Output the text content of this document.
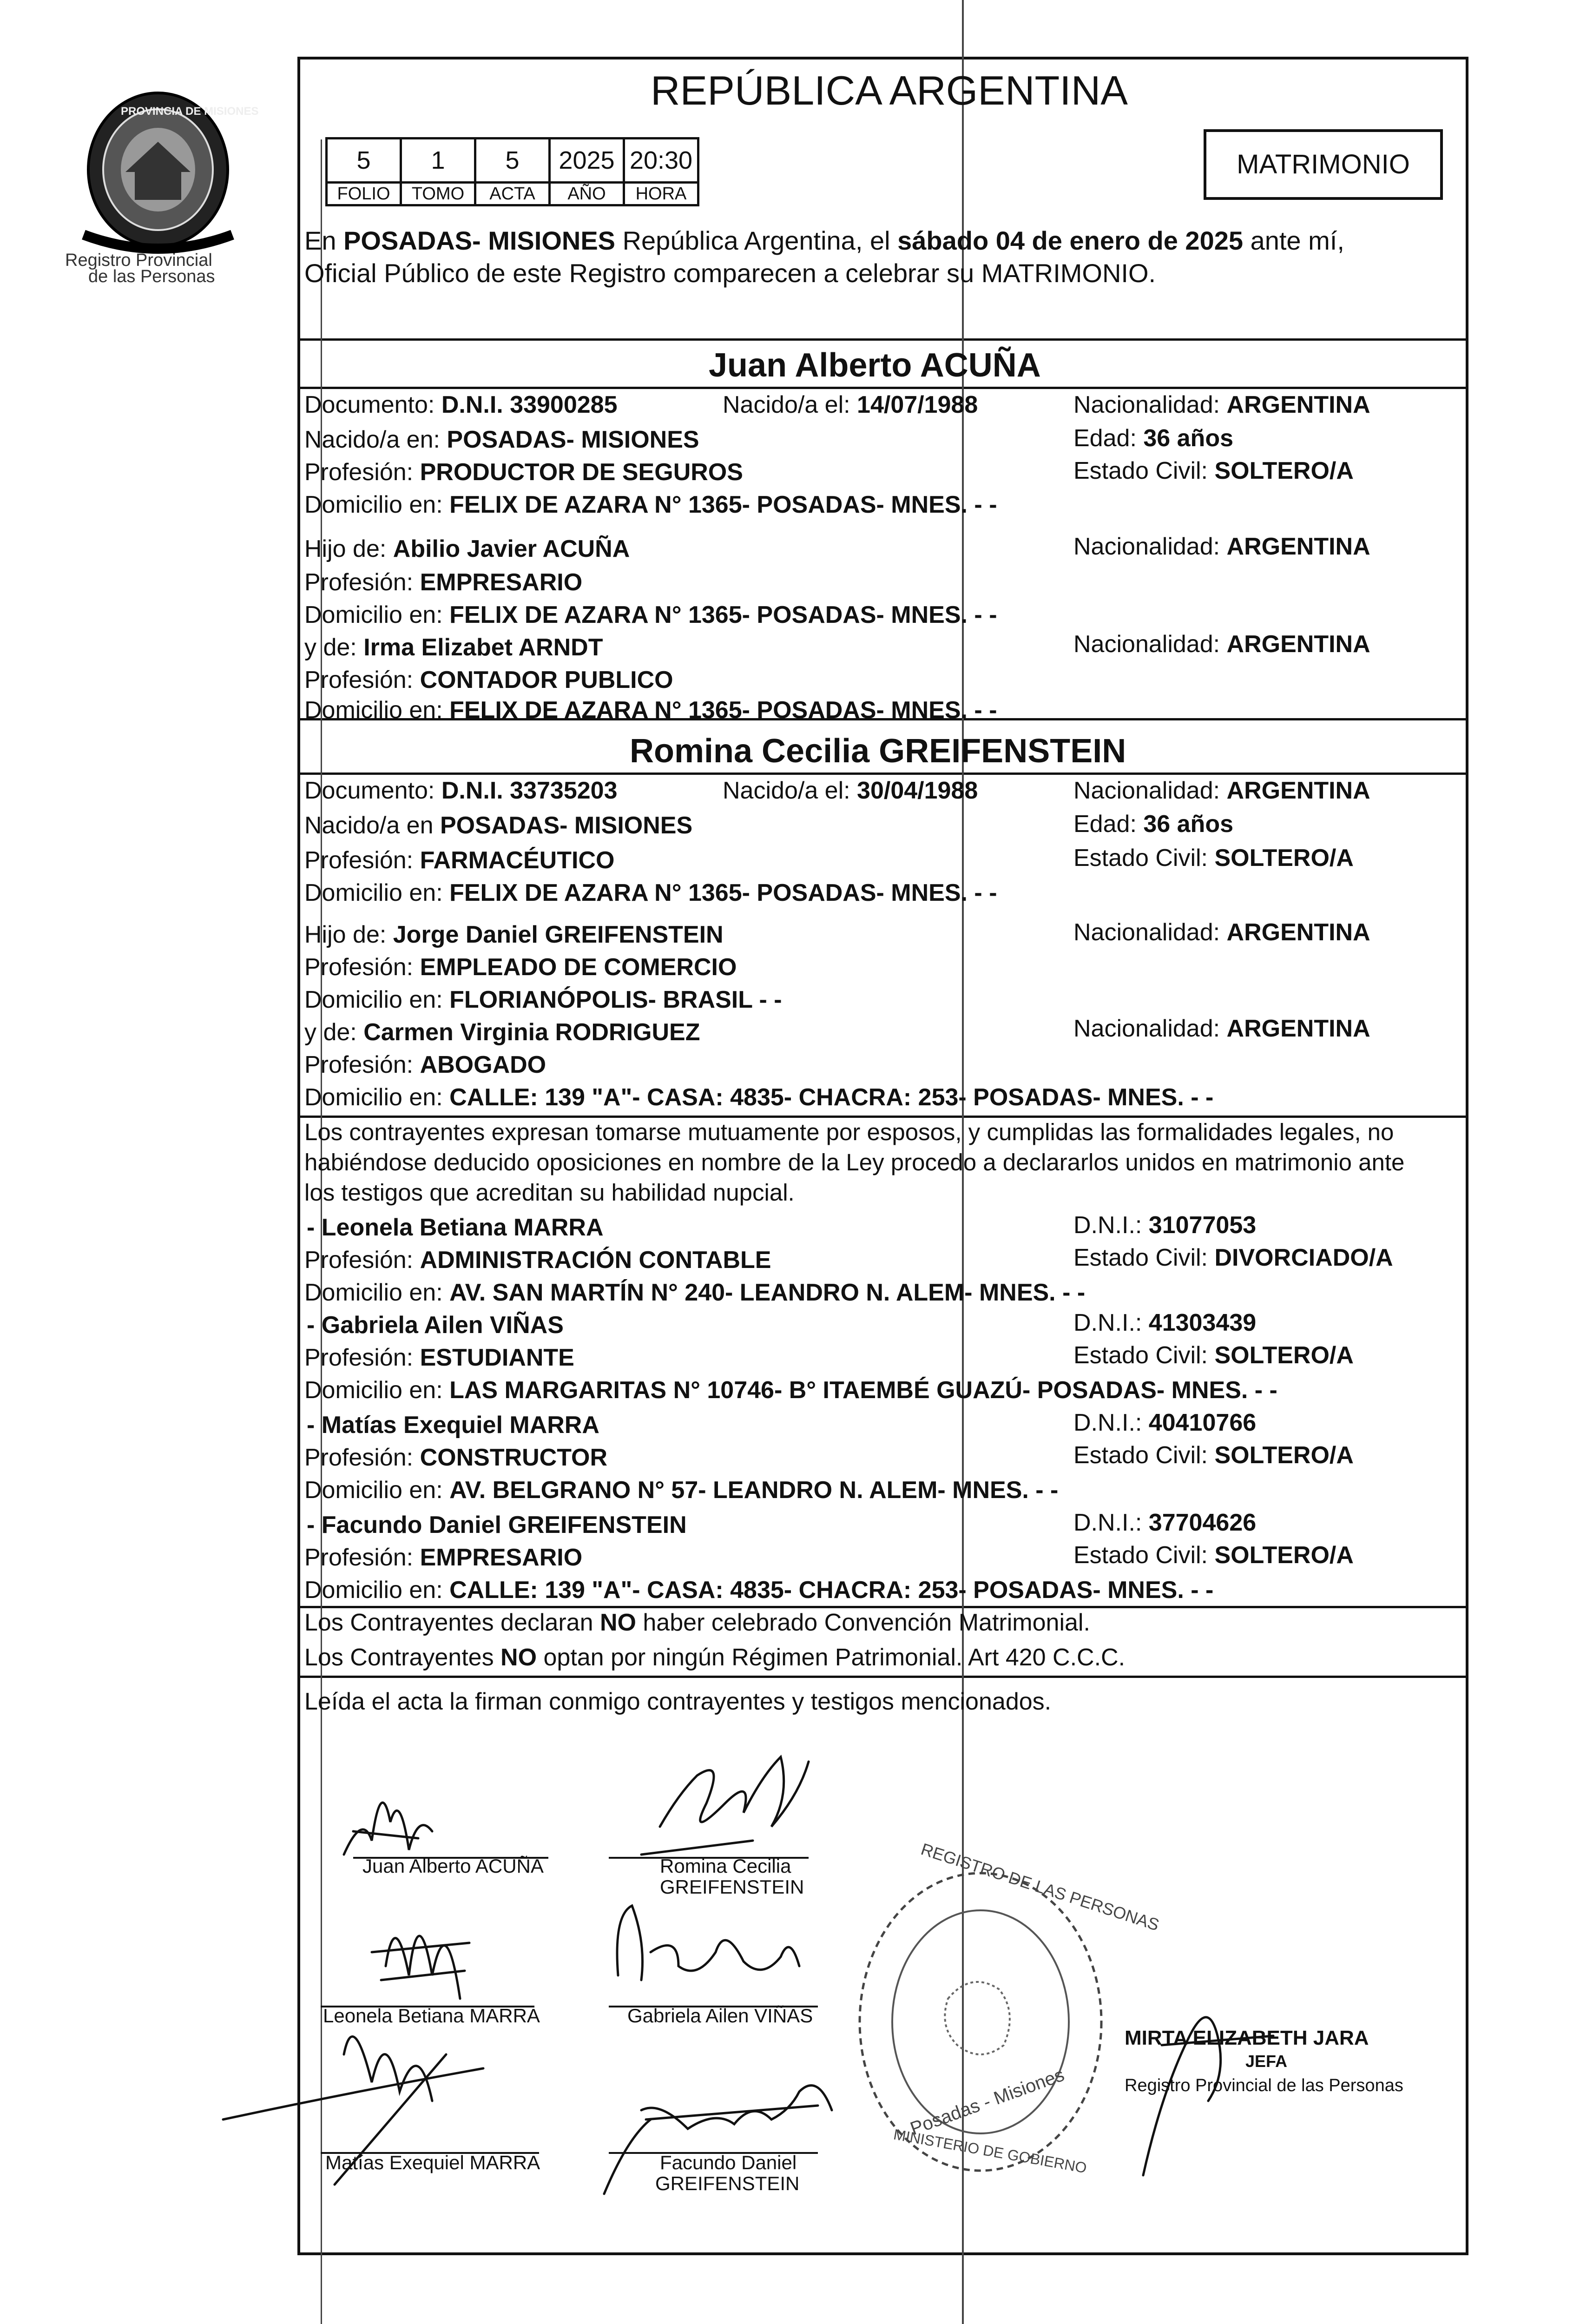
PROVINCIA DE MISIONES
Registro Provincial
de las Personas
REPÚBLICA ARGENTINA
5	1	5	2025	20:30
FOLIO	TOMO	ACTA	AÑO	HORA
MATRIMONIO
En POSADAS- MISIONES República Argentina, el sábado 04 de enero de 2025 ante mí,
Oficial Público de este Registro comparecen a celebrar su MATRIMONIO.
Juan Alberto ACUÑA
Documento: D.N.I. 33900285	Nacido/a el: 14/07/1988	Nacionalidad: ARGENTINA
Nacido/a en: POSADAS- MISIONES	Edad: 36 años
Profesión: PRODUCTOR DE SEGUROS	Estado Civil: SOLTERO/A
Domicilio en: FELIX DE AZARA N° 1365- POSADAS- MNES. - -
Hijo de: Abilio Javier ACUÑA	Nacionalidad: ARGENTINA
Profesión: EMPRESARIO
Domicilio en: FELIX DE AZARA N° 1365- POSADAS- MNES. - -
y de: Irma Elizabet ARNDT	Nacionalidad: ARGENTINA
Profesión: CONTADOR PUBLICO
Domicilio en: FELIX DE AZARA N° 1365- POSADAS- MNES. - -
Romina Cecilia GREIFENSTEIN
Documento: D.N.I. 33735203	Nacido/a el: 30/04/1988	Nacionalidad: ARGENTINA
Nacido/a en POSADAS- MISIONES	Edad: 36 años
Profesión: FARMACÉUTICO	Estado Civil: SOLTERO/A
Domicilio en: FELIX DE AZARA N° 1365- POSADAS- MNES. - -
Hijo de: Jorge Daniel GREIFENSTEIN	Nacionalidad: ARGENTINA
Profesión: EMPLEADO DE COMERCIO
Domicilio en: FLORIANÓPOLIS- BRASIL - -
y de: Carmen Virginia RODRIGUEZ	Nacionalidad: ARGENTINA
Profesión: ABOGADO
Domicilio en: CALLE: 139 "A"- CASA: 4835- CHACRA: 253- POSADAS- MNES. - -
Los contrayentes expresan tomarse mutuamente por esposos, y cumplidas las formalidades legales, no
habiéndose deducido oposiciones en nombre de la Ley procedo a declararlos unidos en matrimonio ante
los testigos que acreditan su habilidad nupcial.
- Leonela Betiana MARRA	D.N.I.: 31077053
Profesión: ADMINISTRACIÓN CONTABLE	Estado Civil: DIVORCIADO/A
Domicilio en: AV. SAN MARTÍN N° 240- LEANDRO N. ALEM- MNES. - -
- Gabriela Ailen VIÑAS	D.N.I.: 41303439
Profesión: ESTUDIANTE	Estado Civil: SOLTERO/A
Domicilio en: LAS MARGARITAS N° 10746- B° ITAEMBÉ GUAZÚ- POSADAS- MNES. - -
- Matías Exequiel MARRA	D.N.I.: 40410766
Profesión: CONSTRUCTOR	Estado Civil: SOLTERO/A
Domicilio en: AV. BELGRANO N° 57- LEANDRO N. ALEM- MNES. - -
- Facundo Daniel GREIFENSTEIN	D.N.I.: 37704626
Profesión: EMPRESARIO	Estado Civil: SOLTERO/A
Domicilio en: CALLE: 139 "A"- CASA: 4835- CHACRA: 253- POSADAS- MNES. - -
Los Contrayentes declaran NO haber celebrado Convención Matrimonial.
Los Contrayentes NO optan por ningún Régimen Patrimonial. Art 420 C.C.C.
Leída el acta la firman conmigo contrayentes y testigos mencionados.
Juan Alberto ACUÑA	Romina Cecilia
GREIFENSTEIN
Leonela Betiana MARRA	Gabriela Ailen VIÑAS
Matías Exequiel MARRA	Facundo Daniel
GREIFENSTEIN
REGISTRO DE LAS PERSONAS
Posadas - Misiones
MINISTERIO DE GOBIERNO
MIRTA ELIZABETH JARA
JEFA
Registro Provincial de las Personas
